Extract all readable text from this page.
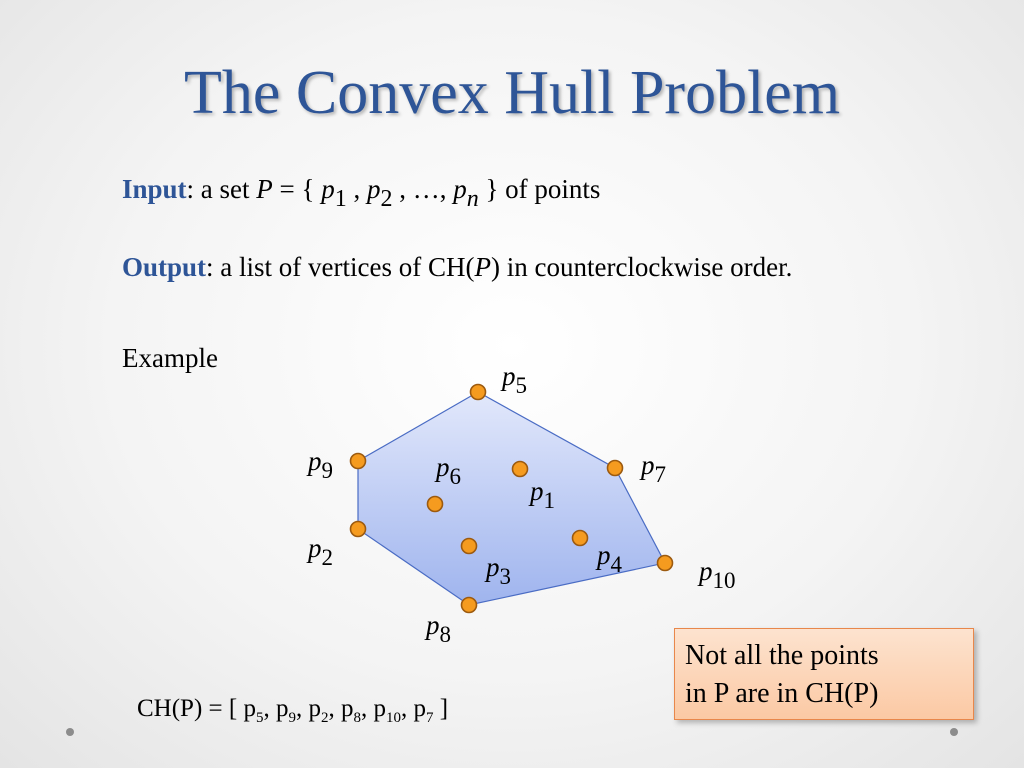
The Convex Hull Problem
Input: a set P = { p1 , p2 , …, pn } of points
Output: a list of vertices of CH(P) in counterclockwise order.
Example
p1
p2	p3
p4
p5
p6	p7
p8
p9
p10
Not all the points
in P are in CH(P)
CH(P) = [ $p_5$, $p_9$, $p_2$, $p_8$, $p_{10}$, $p_7$ ]
